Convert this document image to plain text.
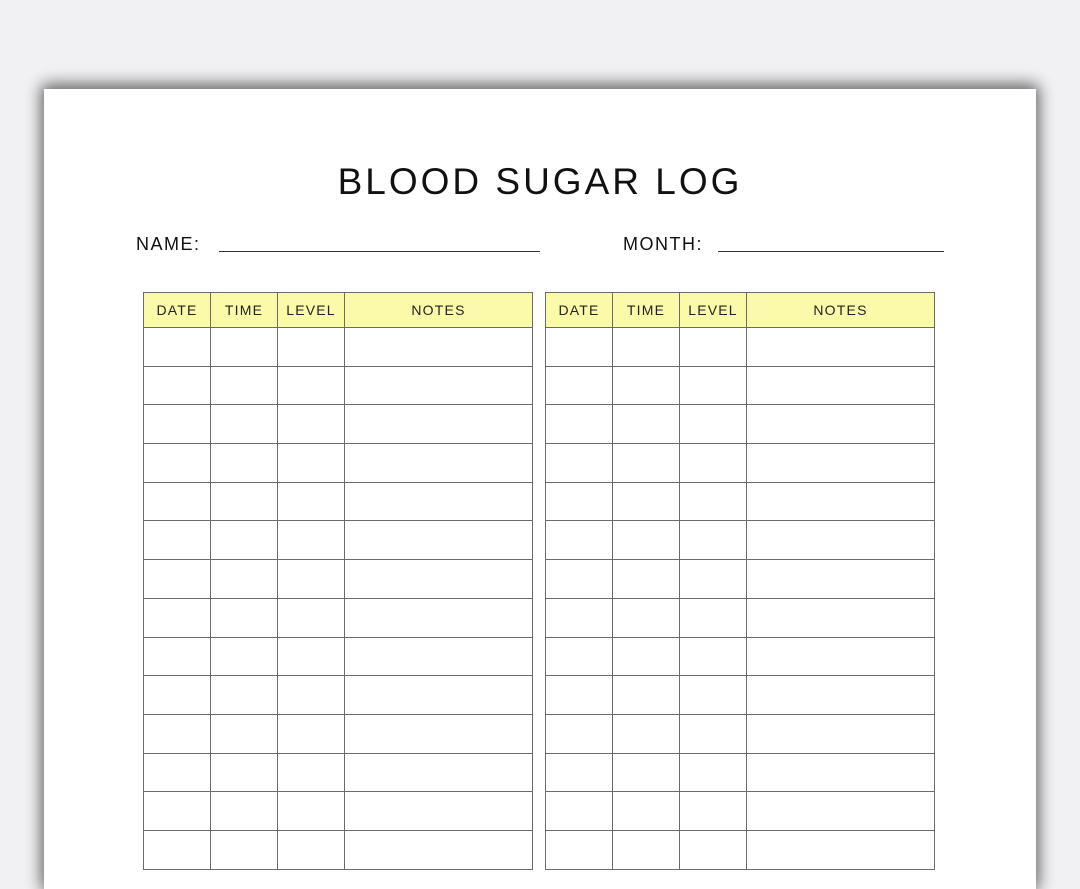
BLOOD SUGAR LOG
NAME:	MONTH:
DATE	TIME	LEVEL	NOTES

				DATE	TIME	LEVEL	NOTES
